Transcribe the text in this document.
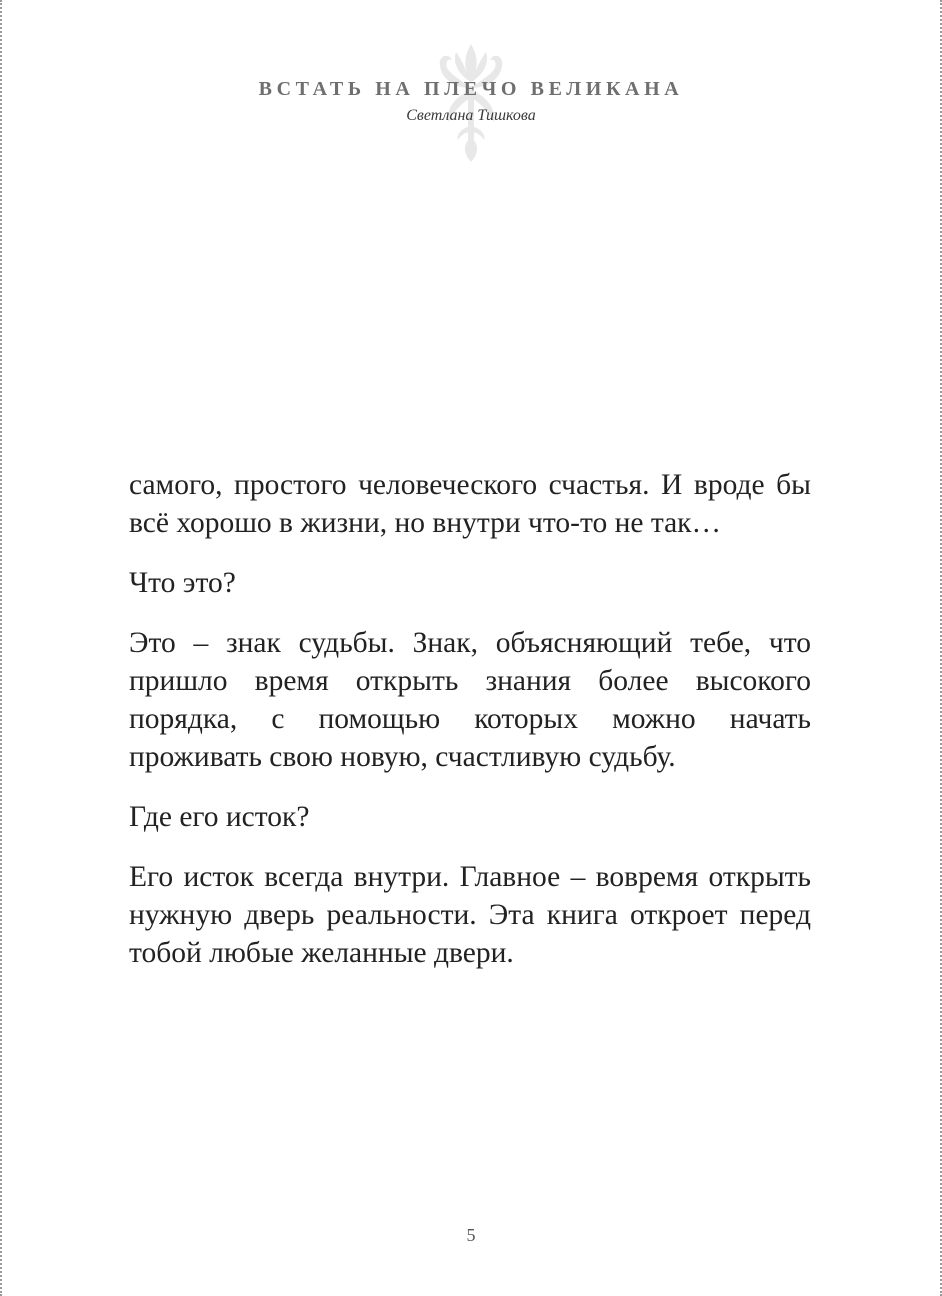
ВСТАТЬ НА ПЛЕЧО ВЕЛИКАНА
Светлана Тишкова

самого, простого человеческого счастья. И вроде бы всё хорошо в жизни, но внутри что-то не так…

Что это?

Это – знак судьбы. Знак, объясняющий тебе, что пришло время открыть знания более высокого порядка, с помощью которых можно начать проживать свою новую, счастливую судьбу.

Где его исток?

Его исток всегда внутри. Главное – вовремя открыть нужную дверь реальности. Эта книга откроет перед тобой любые желанные двери.

5
